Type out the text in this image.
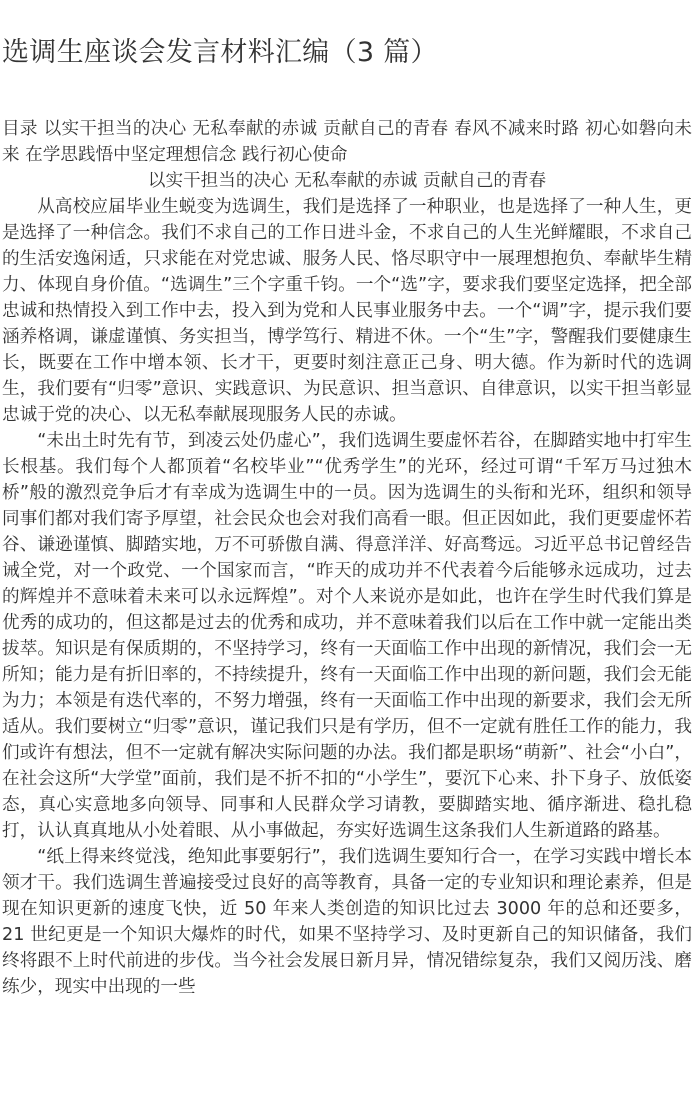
选调生座谈会发言材料汇编（3 篇）

目录 以实干担当的决心 无私奉献的赤诚 贡献自己的青春 春风不减来时路 初心如磐向未来 在学思践悟中坚定理想信念 践行初心使命

以实干担当的决心 无私奉献的赤诚 贡献自己的青春

从高校应届毕业生蜕变为选调生，我们是选择了一种职业，也是选择了一种人生，更是选择了一种信念。我们不求自己的工作日进斗金，不求自己的人生光鲜耀眼，不求自己的生活安逸闲适，只求能在对党忠诚、服务人民、恪尽职守中一展理想抱负、奉献毕生精力、体现自身价值。“选调生”三个字重千钧。一个“选”字，要求我们要坚定选择，把全部忠诚和热情投入到工作中去，投入到为党和人民事业服务中去。一个“调”字，提示我们要涵养格调，谦虚谨慎、务实担当，博学笃行、精进不休。一个“生”字，警醒我们要健康生长，既要在工作中增本领、长才干，更要时刻注意正己身、明大德。作为新时代的选调生，我们要有“归零”意识、实践意识、为民意识、担当意识、自律意识，以实干担当彰显忠诚于党的决心、以无私奉献展现服务人民的赤诚。

“未出土时先有节，到凌云处仍虚心”，我们选调生要虚怀若谷，在脚踏实地中打牢生长根基。我们每个人都顶着“名校毕业”“优秀学生”的光环，经过可谓“千军万马过独木桥”般的激烈竞争后才有幸成为选调生中的一员。因为选调生的头衔和光环，组织和领导同事们都对我们寄予厚望，社会民众也会对我们高看一眼。但正因如此，我们更要虚怀若谷、谦逊谨慎、脚踏实地，万不可骄傲自满、得意洋洋、好高骛远。习近平总书记曾经告诫全党，对一个政党、一个国家而言，“昨天的成功并不代表着今后能够永远成功，过去的辉煌并不意味着未来可以永远辉煌”。对个人来说亦是如此，也许在学生时代我们算是优秀的成功的，但这都是过去的优秀和成功，并不意味着我们以后在工作中就一定能出类拔萃。知识是有保质期的，不坚持学习，终有一天面临工作中出现的新情况，我们会一无所知；能力是有折旧率的，不持续提升，终有一天面临工作中出现的新问题，我们会无能为力；本领是有迭代率的，不努力增强，终有一天面临工作中出现的新要求，我们会无所适从。我们要树立“归零”意识，谨记我们只是有学历，但不一定就有胜任工作的能力，我们或许有想法，但不一定就有解决实际问题的办法。我们都是职场“萌新”、社会“小白”，在社会这所“大学堂”面前，我们是不折不扣的“小学生”，要沉下心来、扑下身子、放低姿态，真心实意地多向领导、同事和人民群众学习请教，要脚踏实地、循序渐进、稳扎稳打，认认真真地从小处着眼、从小事做起，夯实好选调生这条我们人生新道路的路基。

“纸上得来终觉浅，绝知此事要躬行”，我们选调生要知行合一，在学习实践中增长本领才干。我们选调生普遍接受过良好的高等教育，具备一定的专业知识和理论素养，但是现在知识更新的速度飞快，近 50 年来人类创造的知识比过去 3000 年的总和还要多，21 世纪更是一个知识大爆炸的时代，如果不坚持学习、及时更新自己的知识储备，我们终将跟不上时代前进的步伐。当今社会发展日新月异，情况错综复杂，我们又阅历浅、磨练少，现实中出现的一些
